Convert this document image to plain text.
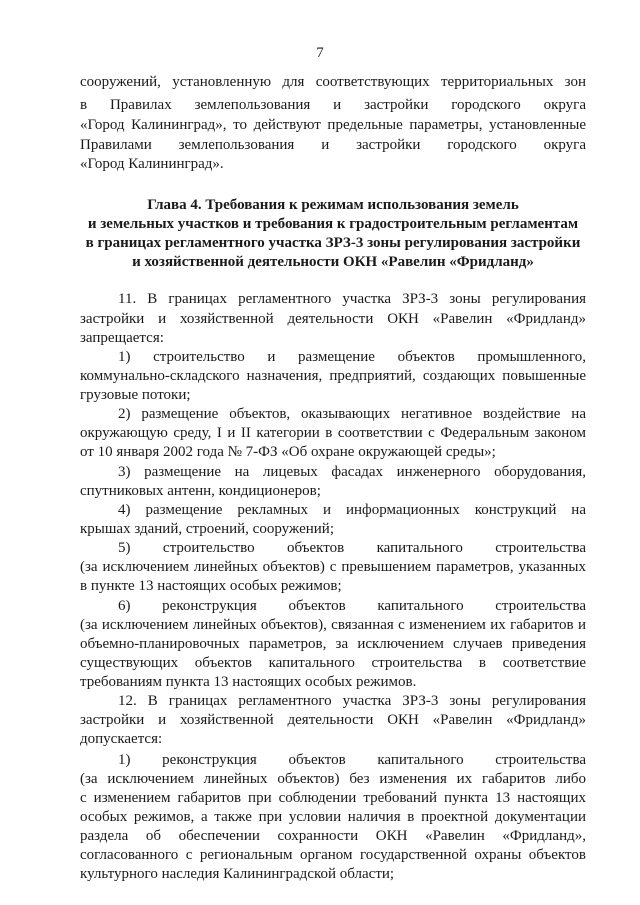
7
сооружений, установленную для соответствующих территориальных зон
в Правилах землепользования и застройки городского округа
«Город Калининград», то действуют предельные параметры, установленные
Правилами землепользования и застройки городского округа
«Город Калининград».
Глава 4. Требования к режимам использования земель
и земельных участков и требования к градостроительным регламентам
в границах регламентного участка ЗРЗ-3 зоны регулирования застройки
и хозяйственной деятельности ОКН «Равелин «Фридланд»
11. В границах регламентного участка ЗРЗ-3 зоны регулирования
застройки и хозяйственной деятельности ОКН «Равелин «Фридланд»
запрещается:
1) строительство и размещение объектов промышленного,
коммунально-складского назначения, предприятий, создающих повышенные
грузовые потоки;
2) размещение объектов, оказывающих негативное воздействие на
окружающую среду, I и II категории в соответствии с Федеральным законом
от 10 января 2002 года № 7-ФЗ «Об охране окружающей среды»;
3) размещение на лицевых фасадах инженерного оборудования,
спутниковых антенн, кондиционеров;
4) размещение рекламных и информационных конструкций на
крышах зданий, строений, сооружений;
5) строительство объектов капитального строительства
(за исключением линейных объектов) с превышением параметров, указанных
в пункте 13 настоящих особых режимов;
6) реконструкция объектов капитального строительства
(за исключением линейных объектов), связанная с изменением их габаритов и
объемно-планировочных параметров, за исключением случаев приведения
существующих объектов капитального строительства в соответствие
требованиям пункта 13 настоящих особых режимов.
12. В границах регламентного участка ЗРЗ-3 зоны регулирования
застройки и хозяйственной деятельности ОКН «Равелин «Фридланд»
допускается:
1) реконструкция объектов капитального строительства
(за исключением линейных объектов) без изменения их габаритов либо
с изменением габаритов при соблюдении требований пункта 13 настоящих
особых режимов, а также при условии наличия в проектной документации
раздела об обеспечении сохранности ОКН «Равелин «Фридланд»,
согласованного с региональным органом государственной охраны объектов
культурного наследия Калининградской области;
